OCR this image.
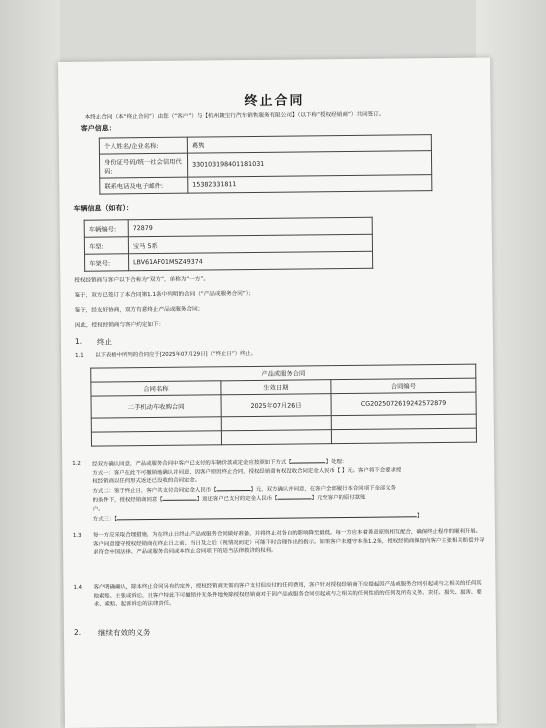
终止合同
本终止合同（本“终止合同”）由您（“客户”）与【杭州箴宝行汽车销售服务有限公司】（以下称“授权经销商”）共同签订。
客户信息：
个人姓名/企业名称:	葛隽
身份证号码/统一社会信用代码:	330103198401181031
联系电话及电子邮件:	15382331811
车辆信息（如有）：
车辆编号:	72879
车型:	宝马 5系
车架号:	LBV61AF01MSZ49374
授权经销商与客户以下合称为“双方”，单称为“一方”。
鉴于，双方已签订了本合同第1.1条中列明的合同（“产品或服务合同”）；
鉴于，经友好协商，双方有意终止产品或服务合同；
因此，授权经销商与客户约定如下：
1. 终止
1.1 以下表格中所列的合同应于[2025年07月29日]（“终止日”）终止。
产品或服务合同		
合同名称	生效日期	合同编号
二手机动车收购合同	2025年07月26日	CG202507261924257287​9

1.2 经双方确认同意，产品或服务合同中客户已支付的车辆价款或定金应按照如下方式【	】处理：
方式一：客户在此不可撤销地确认并同意，因客户原因终止合同，授权经销商有权没收合同定金人民币【 】元。客户将不会要求授
权经销商以任何形式返还已没收的合同定金。
方式二：鉴于终止日，客户共支付合同定金人民币【	】元，双方确认并同意，在客户全部履行本合同项下全部义务
的条件下，授权经销商同意【	】返还客户已支付的定金人民币【	】元至客户的原付款账
户。
方式三：【】
1.3 每一方应采取合理措施，为在终止日终止产品或服务合同做好准备，并将终止对各自的影响降至最低。每一方应本着善意原则相互配合，确保终止程序的顺利开展。客户同意遵守授权经销商在终止日之前、当日及之后（视情况而定）可能不时合理作出的指示。如果客户未遵守本条1.2条，授权经销商保留向客户主张相关赔偿并寻求符合中国法律、产品或服务合同或本终止合同项下的适当法律救济的权利。
1.4 客户明确确认，除本终止合同另有约定外，授权经销商无需向客户支付但应付的任何费用，客户针对授权经销商不应提起因产品或服务合同引起或与之相关的任何其他索赔、主张或诉讼，且客户特此不可撤销并无条件地免除授权经销商对于因产品或服务合同引起或与之相关的任何性质的任何及所有义务、责任、损失、损害、要求、索赔、起诉诉讼的法律责任。
2. 继续有效的义务
